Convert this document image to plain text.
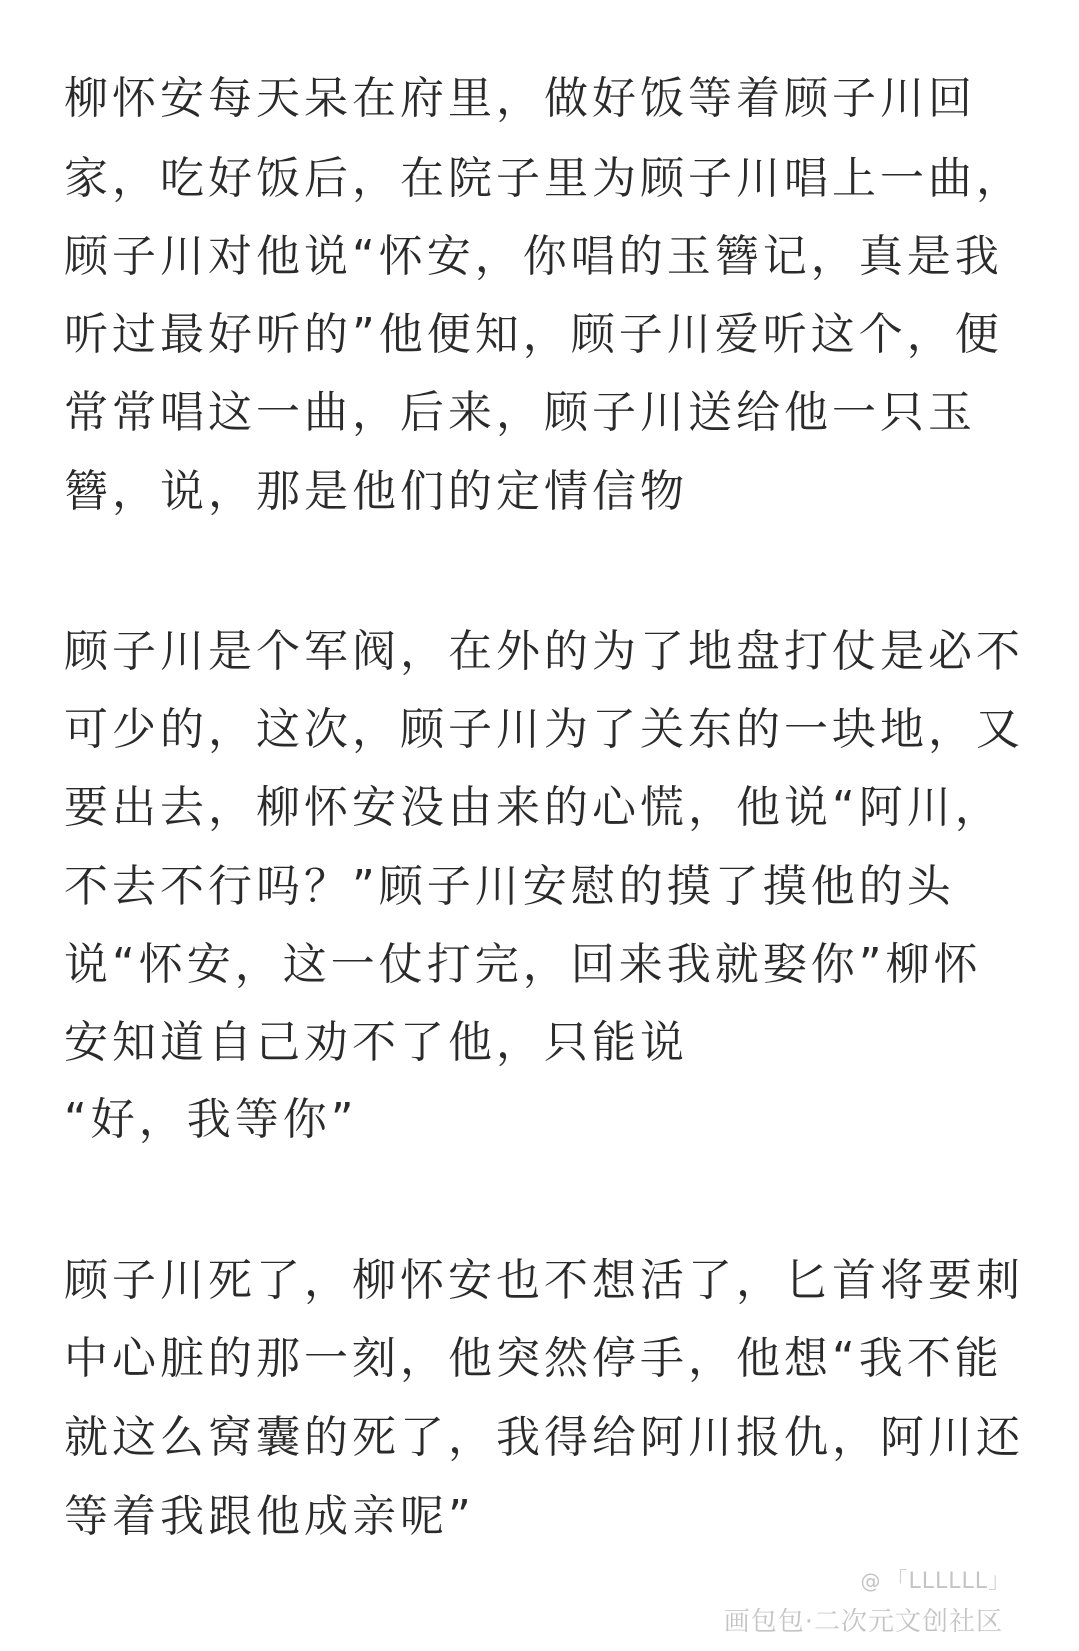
柳怀安每天呆在府里，做好饭等着顾子川回
家，吃好饭后，在院子里为顾子川唱上一曲，
顾子川对他说“怀安，你唱的玉簪记，真是我
听过最好听的”他便知，顾子川爱听这个，便
常常唱这一曲，后来，顾子川送给他一只玉
簪，说，那是他们的定情信物
顾子川是个军阀，在外的为了地盘打仗是必不
可少的，这次，顾子川为了关东的一块地，又
要出去，柳怀安没由来的心慌，他说“阿川，
不去不行吗？”顾子川安慰的摸了摸他的头
说“怀安，这一仗打完，回来我就娶你”柳怀
安知道自己劝不了他，只能说
“好，我等你”
顾子川死了，柳怀安也不想活了，匕首将要刺
中心脏的那一刻，他突然停手，他想“我不能
就这么窝囊的死了，我得给阿川报仇，阿川还
等着我跟他成亲呢”
@ 「LLLLLL」
画包包·二次元文创社区
